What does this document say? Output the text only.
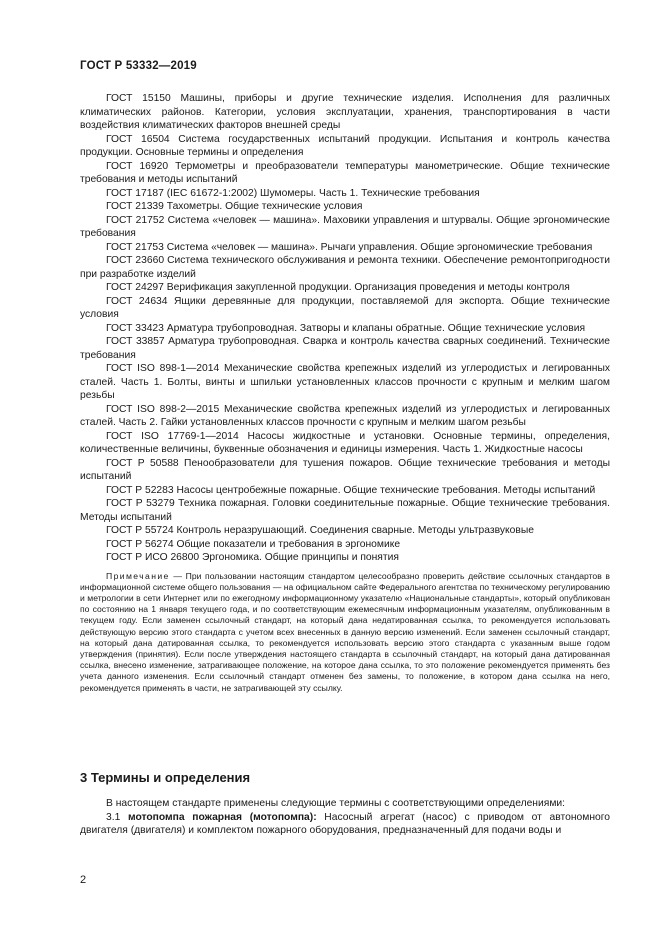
ГОСТ Р 53332—2019

ГОСТ 15150 Машины, приборы и другие технические изделия. Исполнения для различных климатических районов. Категории, условия эксплуатации, хранения, транспортирования в части воздействия климатических факторов внешней среды

ГОСТ 16504 Система государственных испытаний продукции. Испытания и контроль качества продукции. Основные термины и определения

ГОСТ 16920 Термометры и преобразователи температуры манометрические. Общие технические требования и методы испытаний

ГОСТ 17187 (IEC 61672-1:2002) Шумомеры. Часть 1. Технические требования

ГОСТ 21339 Тахометры. Общие технические условия

ГОСТ 21752 Система «человек — машина». Маховики управления и штурвалы. Общие эргономические требования

ГОСТ 21753 Система «человек — машина». Рычаги управления. Общие эргономические требования

ГОСТ 23660 Система технического обслуживания и ремонта техники. Обеспечение ремонтопригодности при разработке изделий

ГОСТ 24297 Верификация закупленной продукции. Организация проведения и методы контроля

ГОСТ 24634 Ящики деревянные для продукции, поставляемой для экспорта. Общие технические условия

ГОСТ 33423 Арматура трубопроводная. Затворы и клапаны обратные. Общие технические условия

ГОСТ 33857 Арматура трубопроводная. Сварка и контроль качества сварных соединений. Технические требования

ГОСТ ISO 898-1—2014 Механические свойства крепежных изделий из углеродистых и легированных сталей. Часть 1. Болты, винты и шпильки установленных классов прочности с крупным и мелким шагом резьбы

ГОСТ ISO 898-2—2015 Механические свойства крепежных изделий из углеродистых и легированных сталей. Часть 2. Гайки установленных классов прочности с крупным и мелким шагом резьбы

ГОСТ ISO 17769-1—2014 Насосы жидкостные и установки. Основные термины, определения, количественные величины, буквенные обозначения и единицы измерения. Часть 1. Жидкостные насосы

ГОСТ Р 50588 Пенообразователи для тушения пожаров. Общие технические требования и методы испытаний

ГОСТ Р 52283 Насосы центробежные пожарные. Общие технические требования. Методы испытаний

ГОСТ Р 53279 Техника пожарная. Головки соединительные пожарные. Общие технические требования. Методы испытаний

ГОСТ Р 55724 Контроль неразрушающий. Соединения сварные. Методы ультразвуковые

ГОСТ Р 56274 Общие показатели и требования в эргономике

ГОСТ Р ИСО 26800 Эргономика. Общие принципы и понятия

Примечание — При пользовании настоящим стандартом целесообразно проверить действие ссылочных стандартов в информационной системе общего пользования — на официальном сайте Федерального агентства по техническому регулированию и метрологии в сети Интернет или по ежегодному информационному указателю «Национальные стандарты», который опубликован по состоянию на 1 января текущего года, и по соответствующим ежемесячным информационным указателям, опубликованным в текущем году. Если заменен ссылочный стандарт, на который дана недатированная ссылка, то рекомендуется использовать действующую версию этого стандарта с учетом всех внесенных в данную версию изменений. Если заменен ссылочный стандарт, на который дана датированная ссылка, то рекомендуется использовать версию этого стандарта с указанным выше годом утверждения (принятия). Если после утверждения настоящего стандарта в ссылочный стандарт, на который дана датированная ссылка, внесено изменение, затрагивающее положение, на которое дана ссылка, то это положение рекомендуется применять без учета данного изменения. Если ссылочный стандарт отменен без замены, то положение, в котором дана ссылка на него, рекомендуется применять в части, не затрагивающей эту ссылку.

3 Термины и определения

В настоящем стандарте применены следующие термины с соответствующими определениями:

3.1 мотопомпа пожарная (мотопомпа): Насосный агрегат (насос) с приводом от автономного двигателя (двигателя) и комплектом пожарного оборудования, предназначенный для подачи воды и

2
